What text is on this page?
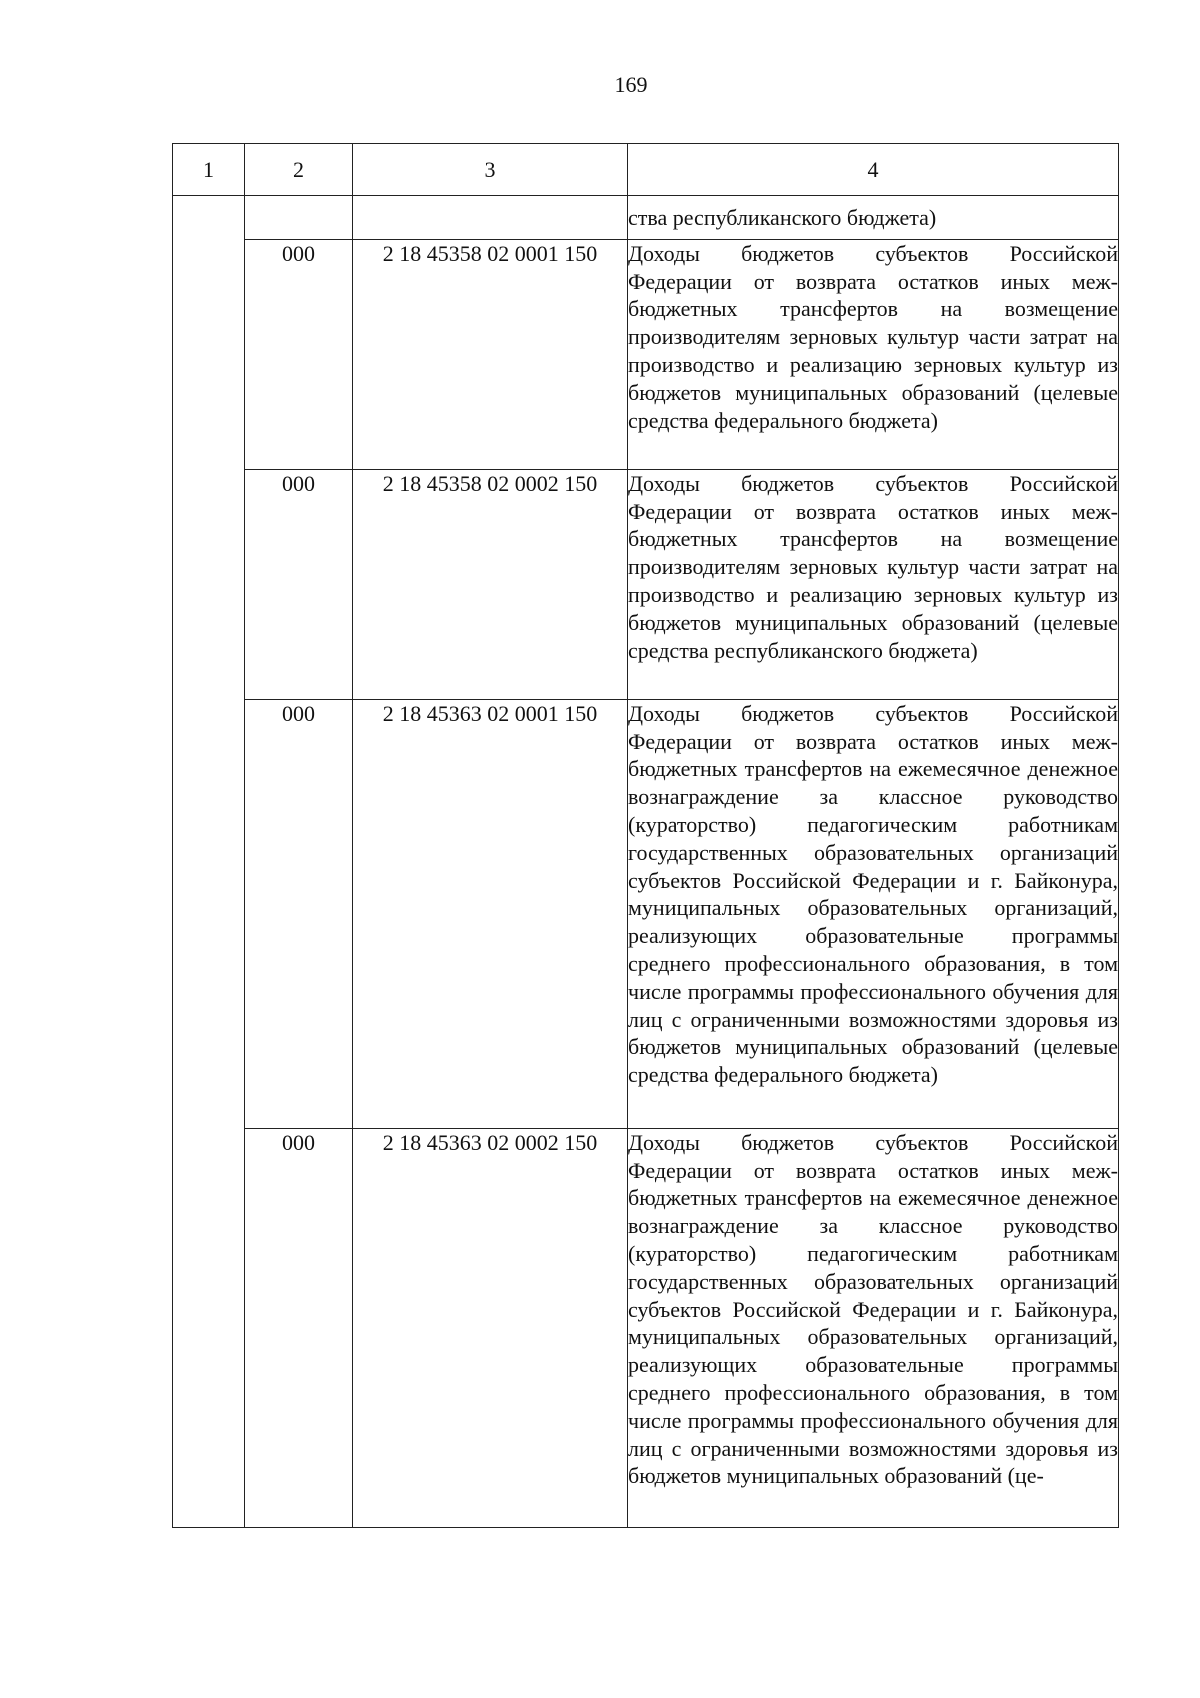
169
1	2	3	4
			ства республиканского бюджета)
	000	2 18 45358 02 0001 150	Доходы бюджетов субъектов Российской Федерации от возврата остатков иных меж-бюджетных трансфертов на возмещение производителям зерновых культур части затрат на производство и реализацию зерновых культур из бюджетов муниципальных образований (целевые средства федерального бюджета)
	000	2 18 45358 02 0002 150	Доходы бюджетов субъектов Российской Федерации от возврата остатков иных меж-бюджетных трансфертов на возмещение производителям зерновых культур части затрат на производство и реализацию зерновых культур из бюджетов муниципальных образований (целевые средства республиканского бюджета)
	000	2 18 45363 02 0001 150	Доходы бюджетов субъектов Российской Федерации от возврата остатков иных меж-бюджетных трансфертов на ежемесячное денежное вознаграждение за классное руководство (кураторство) педагогическим работникам государственных образовательных организаций субъектов Российской Федерации и г. Байконура, муниципальных образовательных организаций, реализующих образовательные программы среднего профессионального образования, в том числе программы профессионального обучения для лиц с ограниченными возможностями здоровья из бюджетов муниципальных образований (целевые средства федерального бюджета)
	000	2 18 45363 02 0002 150	Доходы бюджетов субъектов Российской Федерации от возврата остатков иных меж-бюджетных трансфертов на ежемесячное денежное вознаграждение за классное руководство (кураторство) педагогическим работникам государственных образовательных организаций субъектов Российской Федерации и г. Байконура, муниципальных образовательных организаций, реализующих образовательные программы среднего профессионального образования, в том числе программы профессионального обучения для лиц с ограниченными возможностями здоровья из бюджетов муниципальных образований (це-
